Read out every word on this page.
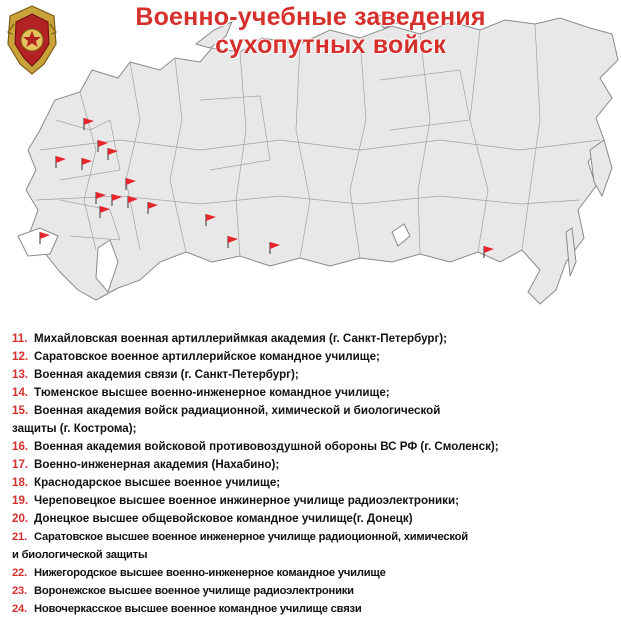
Военно-учебные заведения
сухопутных войск
11. Михайловская военная артиллериймкая академия (г. Санкт-Петербург);
12. Саратовское военное артиллерийское командное училище;
13. Военная академия связи (г. Санкт-Петербург);
14. Тюменское высшее военно-инженерное командное училище;
15. Военная академия войск радиационной, химической и биологической
защиты (г. Кострома);
16. Военная академия войсковой противовоздушной обороны ВС РФ (г. Смоленск);
17. Военно-инженерная академия (Нахабино);
18. Краснодарское высшее военное училище;
19. Череповецкое высшее военное инжинерное училище радиоэлектроники;
20. Донецкое высшее общевойсковое командное училище(г. Донецк)
21. Саратовское высшее военное инженерное училище радиоционной, химической
и биологической защиты
22. Нижегородское высшее военно-инженерное командное училище
23. Воронежское высшее военное училище радиоэлектроники
24. Новочеркасское высшее военное командное училище связи
